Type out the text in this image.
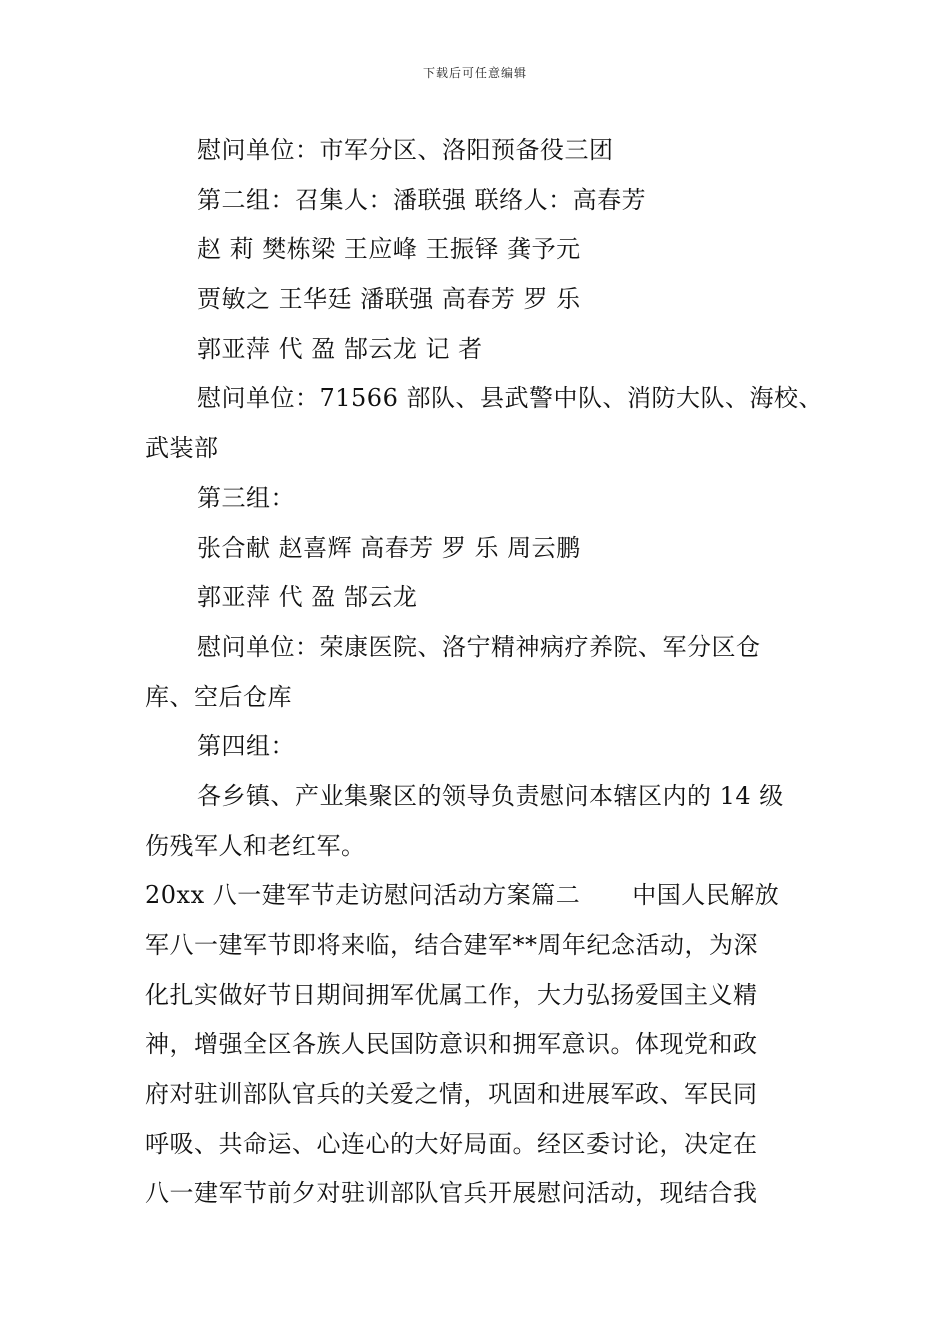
下载后可任意编辑
慰问单位：市军分区、洛阳预备役三团
第二组：召集人：潘联强 联络人：高春芳
赵 莉 樊栋梁 王应峰 王振铎 龚予元
贾敏之 王华廷 潘联强 高春芳 罗 乐
郭亚萍 代 盈 郜云龙 记 者
慰问单位：71566 部队、县武警中队、消防大队、海校、
武装部
第三组：
张合献 赵喜辉 高春芳 罗 乐 周云鹏
郭亚萍 代 盈 郜云龙
慰问单位：荣康医院、洛宁精神病疗养院、军分区仓
库、空后仓库
第四组：
各乡镇、产业集聚区的领导负责慰问本辖区内的 14 级
伤残军人和老红军。
20xx 八一建军节走访慰问活动方案篇二 中国人民解放
军八一建军节即将来临，结合建军**周年纪念活动，为深
化扎实做好节日期间拥军优属工作，大力弘扬爱国主义精
神，增强全区各族人民国防意识和拥军意识。体现党和政
府对驻训部队官兵的关爱之情，巩固和进展军政、军民同
呼吸、共命运、心连心的大好局面。经区委讨论，决定在
八一建军节前夕对驻训部队官兵开展慰问活动，现结合我
